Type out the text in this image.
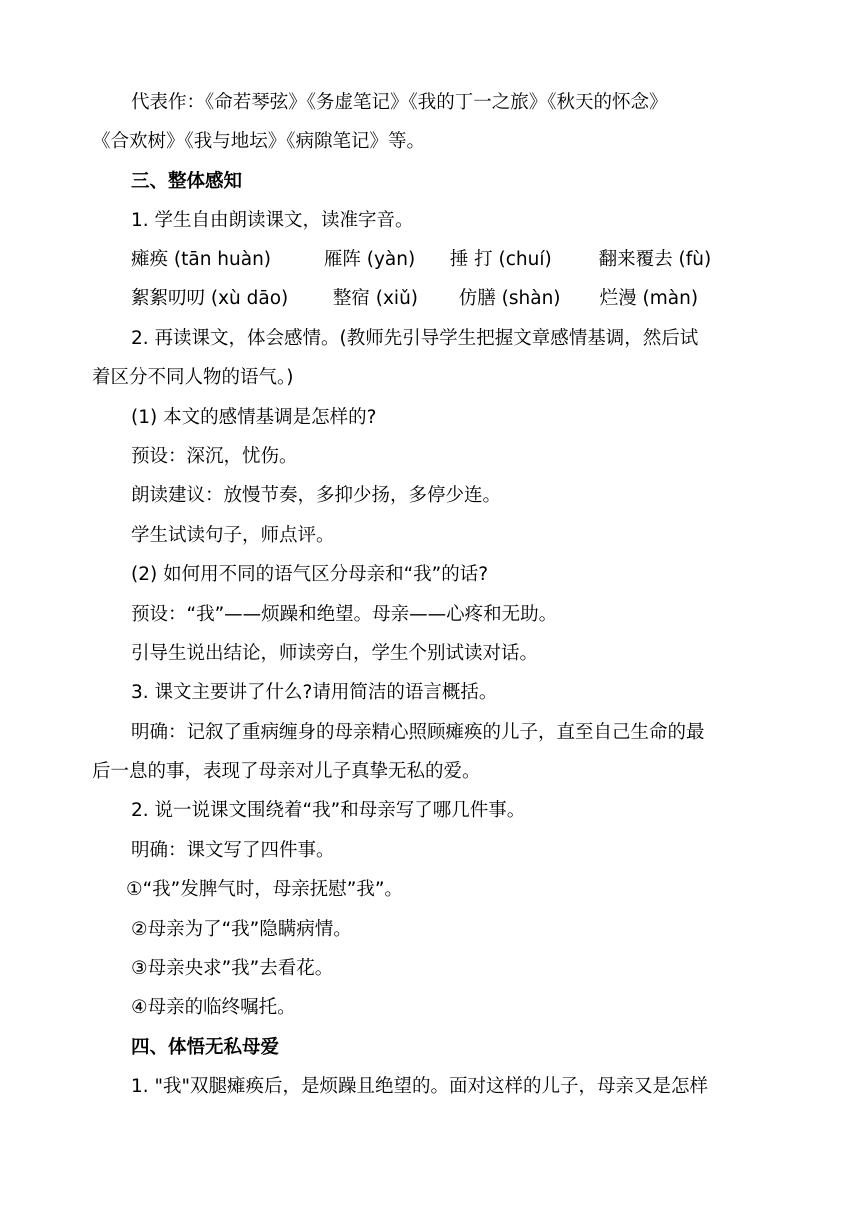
代表作：《命若琴弦》《务虚笔记》《我的丁一之旅》《秋天的怀念》
《合欢树》《我与地坛》《病隙笔记》等。
三、整体感知
1. 学生自由朗读课文，读准字音。
瘫痪 (tān huàn)	雁阵 (yàn) 捶 打 (chuí)	翻来覆去 (fù)
絮絮叨叨 (xù dāo) 整宿 (xiǔ) 仿膳 (shàn) 烂漫 (màn)
2. 再读课文，体会感情。(教师先引导学生把握文章感情基调，然后试
着区分不同人物的语气。)
(1) 本文的感情基调是怎样的?
预设：深沉，忧伤。
朗读建议：放慢节奏，多抑少扬，多停少连。
学生试读句子，师点评。
(2) 如何用不同的语气区分母亲和“我”的话?
预设：“我”——烦躁和绝望。母亲——心疼和无助。
引导生说出结论，师读旁白，学生个别试读对话。
3. 课文主要讲了什么?请用简洁的语言概括。
明确：记叙了重病缠身的母亲精心照顾瘫痪的儿子，直至自己生命的最
后一息的事，表现了母亲对儿子真挚无私的爱。
2. 说一说课文围绕着“我”和母亲写了哪几件事。
明确：课文写了四件事。
①“我”发脾气时，母亲抚慰”我”。
②母亲为了“我”隐瞒病情。
③母亲央求”我”去看花。
④母亲的临终嘱托。
四、体悟无私母爱
1. "我"双腿瘫痪后，是烦躁且绝望的。面对这样的儿子，母亲又是怎样
